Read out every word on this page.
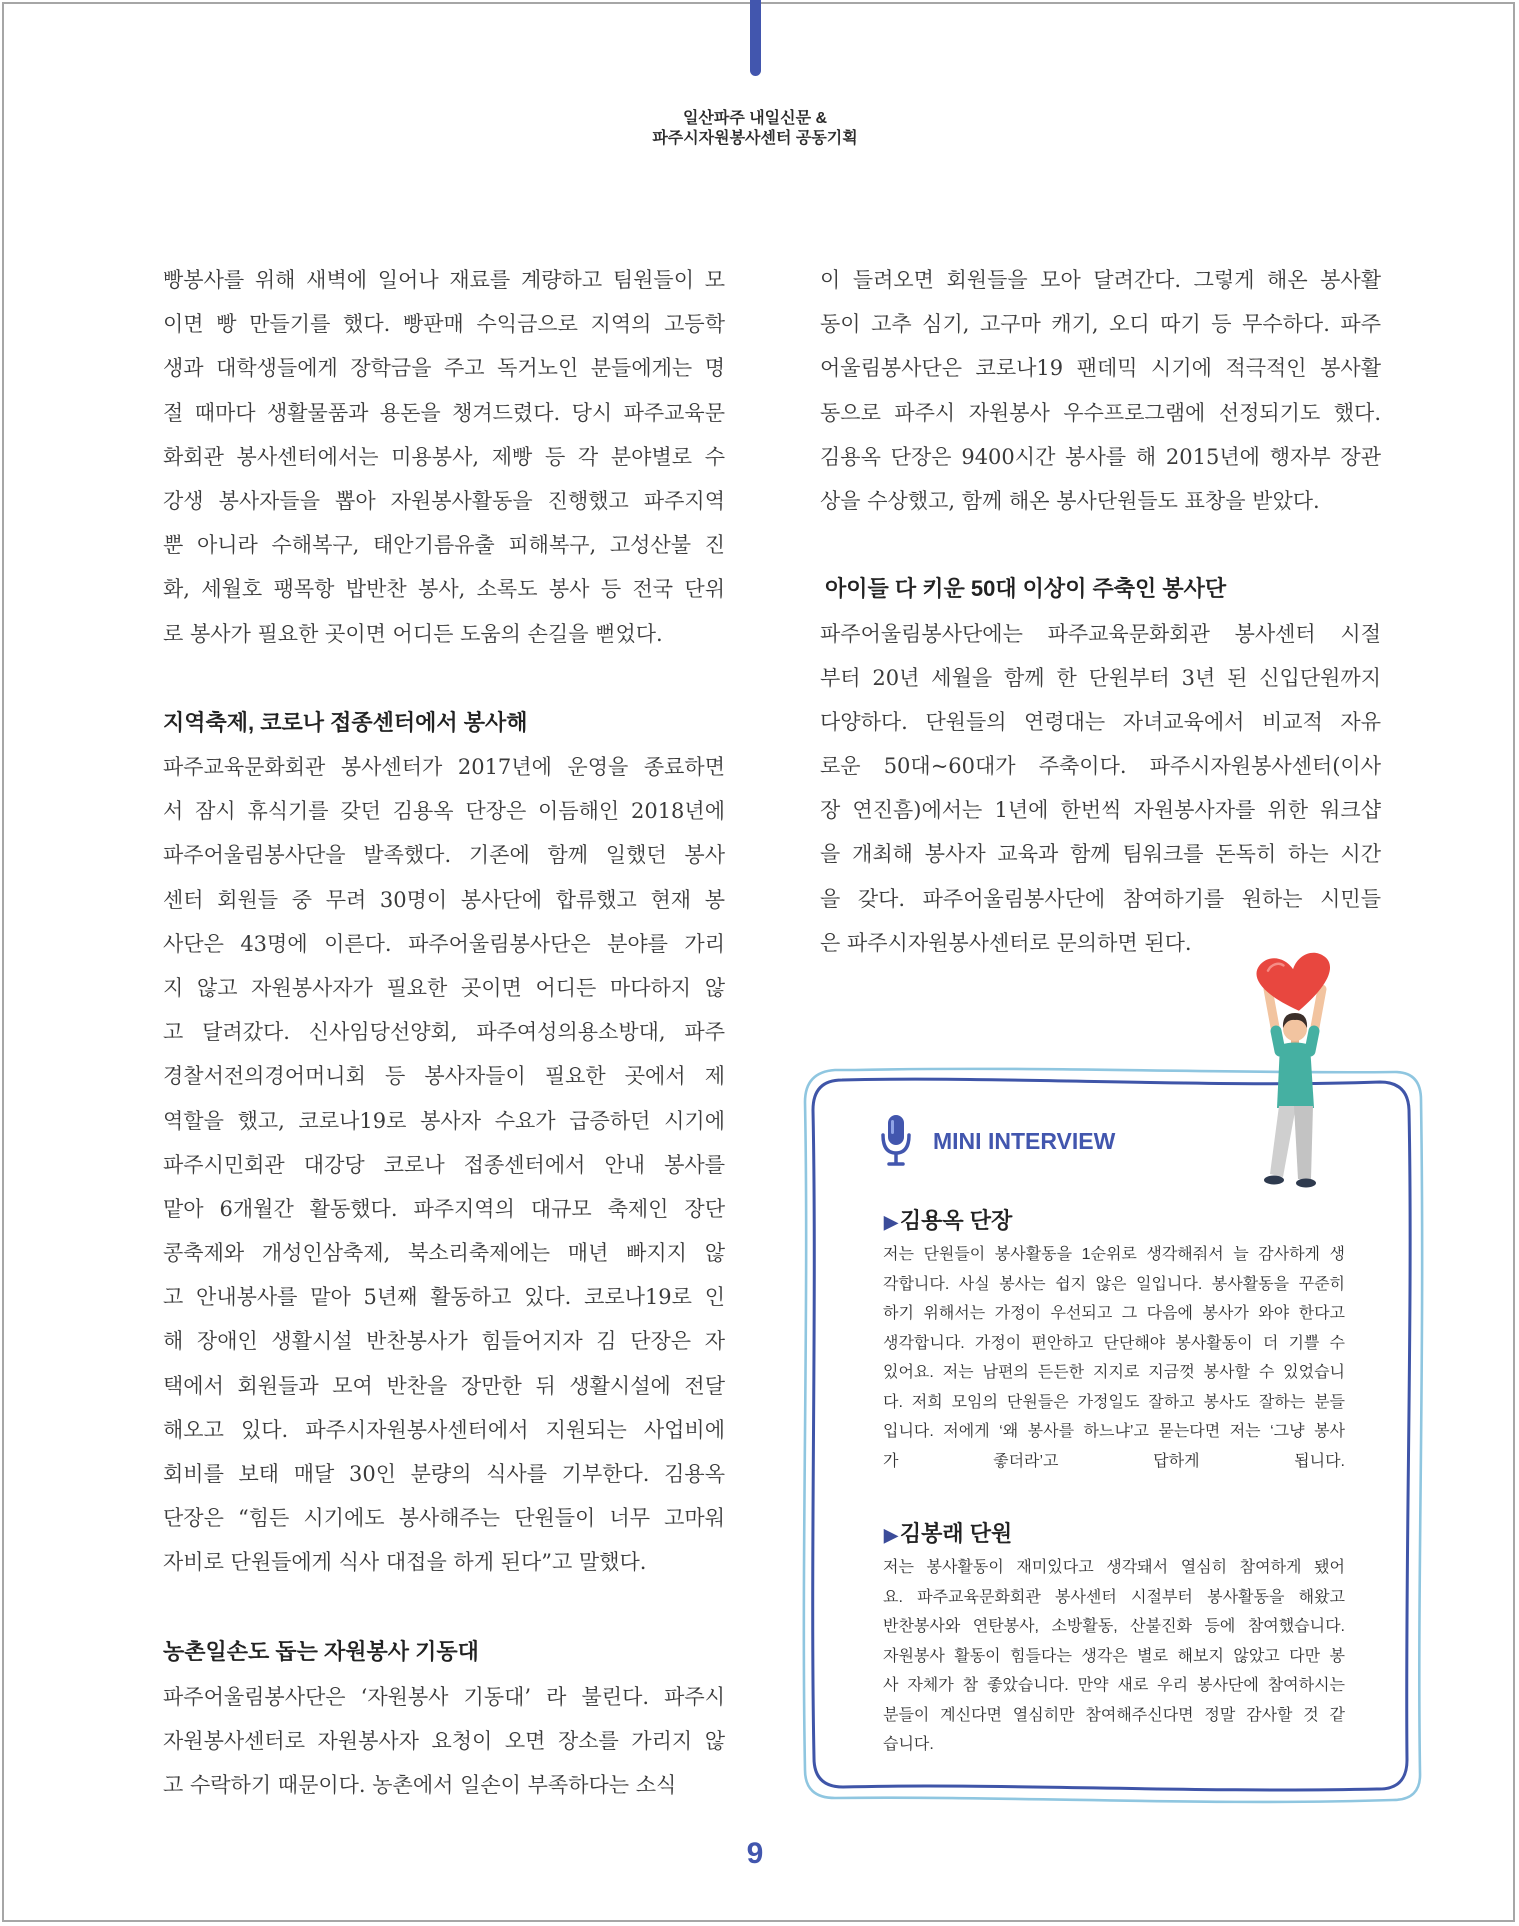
일산파주 내일신문 &
파주시자원봉사센터 공동기획
빵봉사를 위해 새벽에 일어나 재료를 계량하고 팀원들이 모
이면 빵 만들기를 했다. 빵판매 수익금으로 지역의 고등학
생과 대학생들에게 장학금을 주고 독거노인 분들에게는 명
절 때마다 생활물품과 용돈을 챙겨드렸다. 당시 파주교육문
화회관 봉사센터에서는 미용봉사, 제빵 등 각 분야별로 수
강생 봉사자들을 뽑아 자원봉사활동을 진행했고 파주지역
뿐 아니라 수해복구, 태안기름유출 피해복구, 고성산불 진
화, 세월호 팽목항 밥반찬 봉사, 소록도 봉사 등 전국 단위
로 봉사가 필요한 곳이면 어디든 도움의 손길을 뻗었다.
지역축제, 코로나 접종센터에서 봉사해
파주교육문화회관 봉사센터가 2017년에 운영을 종료하면
서 잠시 휴식기를 갖던 김용옥 단장은 이듬해인 2018년에
파주어울림봉사단을 발족했다. 기존에 함께 일했던 봉사
센터 회원들 중 무려 30명이 봉사단에 합류했고 현재 봉
사단은 43명에 이른다. 파주어울림봉사단은 분야를 가리
지 않고 자원봉사자가 필요한 곳이면 어디든 마다하지 않
고 달려갔다. 신사임당선양회, 파주여성의용소방대, 파주
경찰서전의경어머니회 등 봉사자들이 필요한 곳에서 제
역할을 했고, 코로나19로 봉사자 수요가 급증하던 시기에
파주시민회관 대강당 코로나 접종센터에서 안내 봉사를
맡아 6개월간 활동했다. 파주지역의 대규모 축제인 장단
콩축제와 개성인삼축제, 북소리축제에는 매년 빠지지 않
고 안내봉사를 맡아 5년째 활동하고 있다. 코로나19로 인
해 장애인 생활시설 반찬봉사가 힘들어지자 김 단장은 자
택에서 회원들과 모여 반찬을 장만한 뒤 생활시설에 전달
해오고 있다. 파주시자원봉사센터에서 지원되는 사업비에
회비를 보태 매달 30인 분량의 식사를 기부한다. 김용옥
단장은 “힘든 시기에도 봉사해주는 단원들이 너무 고마워
자비로 단원들에게 식사 대접을 하게 된다”고 말했다.
농촌일손도 돕는 자원봉사 기동대
파주어울림봉사단은 ‘자원봉사 기동대’ 라 불린다. 파주시
자원봉사센터로 자원봉사자 요청이 오면 장소를 가리지 않
고 수락하기 때문이다. 농촌에서 일손이 부족하다는 소식
이 들려오면 회원들을 모아 달려간다. 그렇게 해온 봉사활
동이 고추 심기, 고구마 캐기, 오디 따기 등 무수하다. 파주
어울림봉사단은 코로나19 팬데믹 시기에 적극적인 봉사활
동으로 파주시 자원봉사 우수프로그램에 선정되기도 했다.
김용옥 단장은 9400시간 봉사를 해 2015년에 행자부 장관
상을 수상했고, 함께 해온 봉사단원들도 표창을 받았다.
아이들 다 키운 50대 이상이 주축인 봉사단
파주어울림봉사단에는 파주교육문화회관 봉사센터 시절
부터 20년 세월을 함께 한 단원부터 3년 된 신입단원까지
다양하다. 단원들의 연령대는 자녀교육에서 비교적 자유
로운 50대~60대가 주축이다. 파주시자원봉사센터(이사
장 연진흠)에서는 1년에 한번씩 자원봉사자를 위한 워크샵
을 개최해 봉사자 교육과 함께 팀워크를 돈독히 하는 시간
을 갖다. 파주어울림봉사단에 참여하기를 원하는 시민들
은 파주시자원봉사센터로 문의하면 된다.
MINI INTERVIEW
▶김용옥 단장
저는 단원들이 봉사활동을 1순위로 생각해줘서 늘 감사하게 생
각합니다. 사실 봉사는 쉽지 않은 일입니다. 봉사활동을 꾸준히
하기 위해서는 가정이 우선되고 그 다음에 봉사가 와야 한다고
생각합니다. 가정이 편안하고 단단해야 봉사활동이 더 기쁠 수
있어요. 저는 남편의 든든한 지지로 지금껏 봉사할 수 있었습니
다. 저희 모임의 단원들은 가정일도 잘하고 봉사도 잘하는 분들
입니다. 저에게 ‘왜 봉사를 하느냐’고 묻는다면 저는 ‘그냥 봉사
가 좋더라’고 답하게 됩니다.
▶김봉래 단원
저는 봉사활동이 재미있다고 생각돼서 열심히 참여하게 됐어
요. 파주교육문화회관 봉사센터 시절부터 봉사활동을 해왔고
반찬봉사와 연탄봉사, 소방활동, 산불진화 등에 참여했습니다.
자원봉사 활동이 힘들다는 생각은 별로 해보지 않았고 다만 봉
사 자체가 참 좋았습니다. 만약 새로 우리 봉사단에 참여하시는
분들이 계신다면 열심히만 참여해주신다면 정말 감사할 것 같
습니다.
9
